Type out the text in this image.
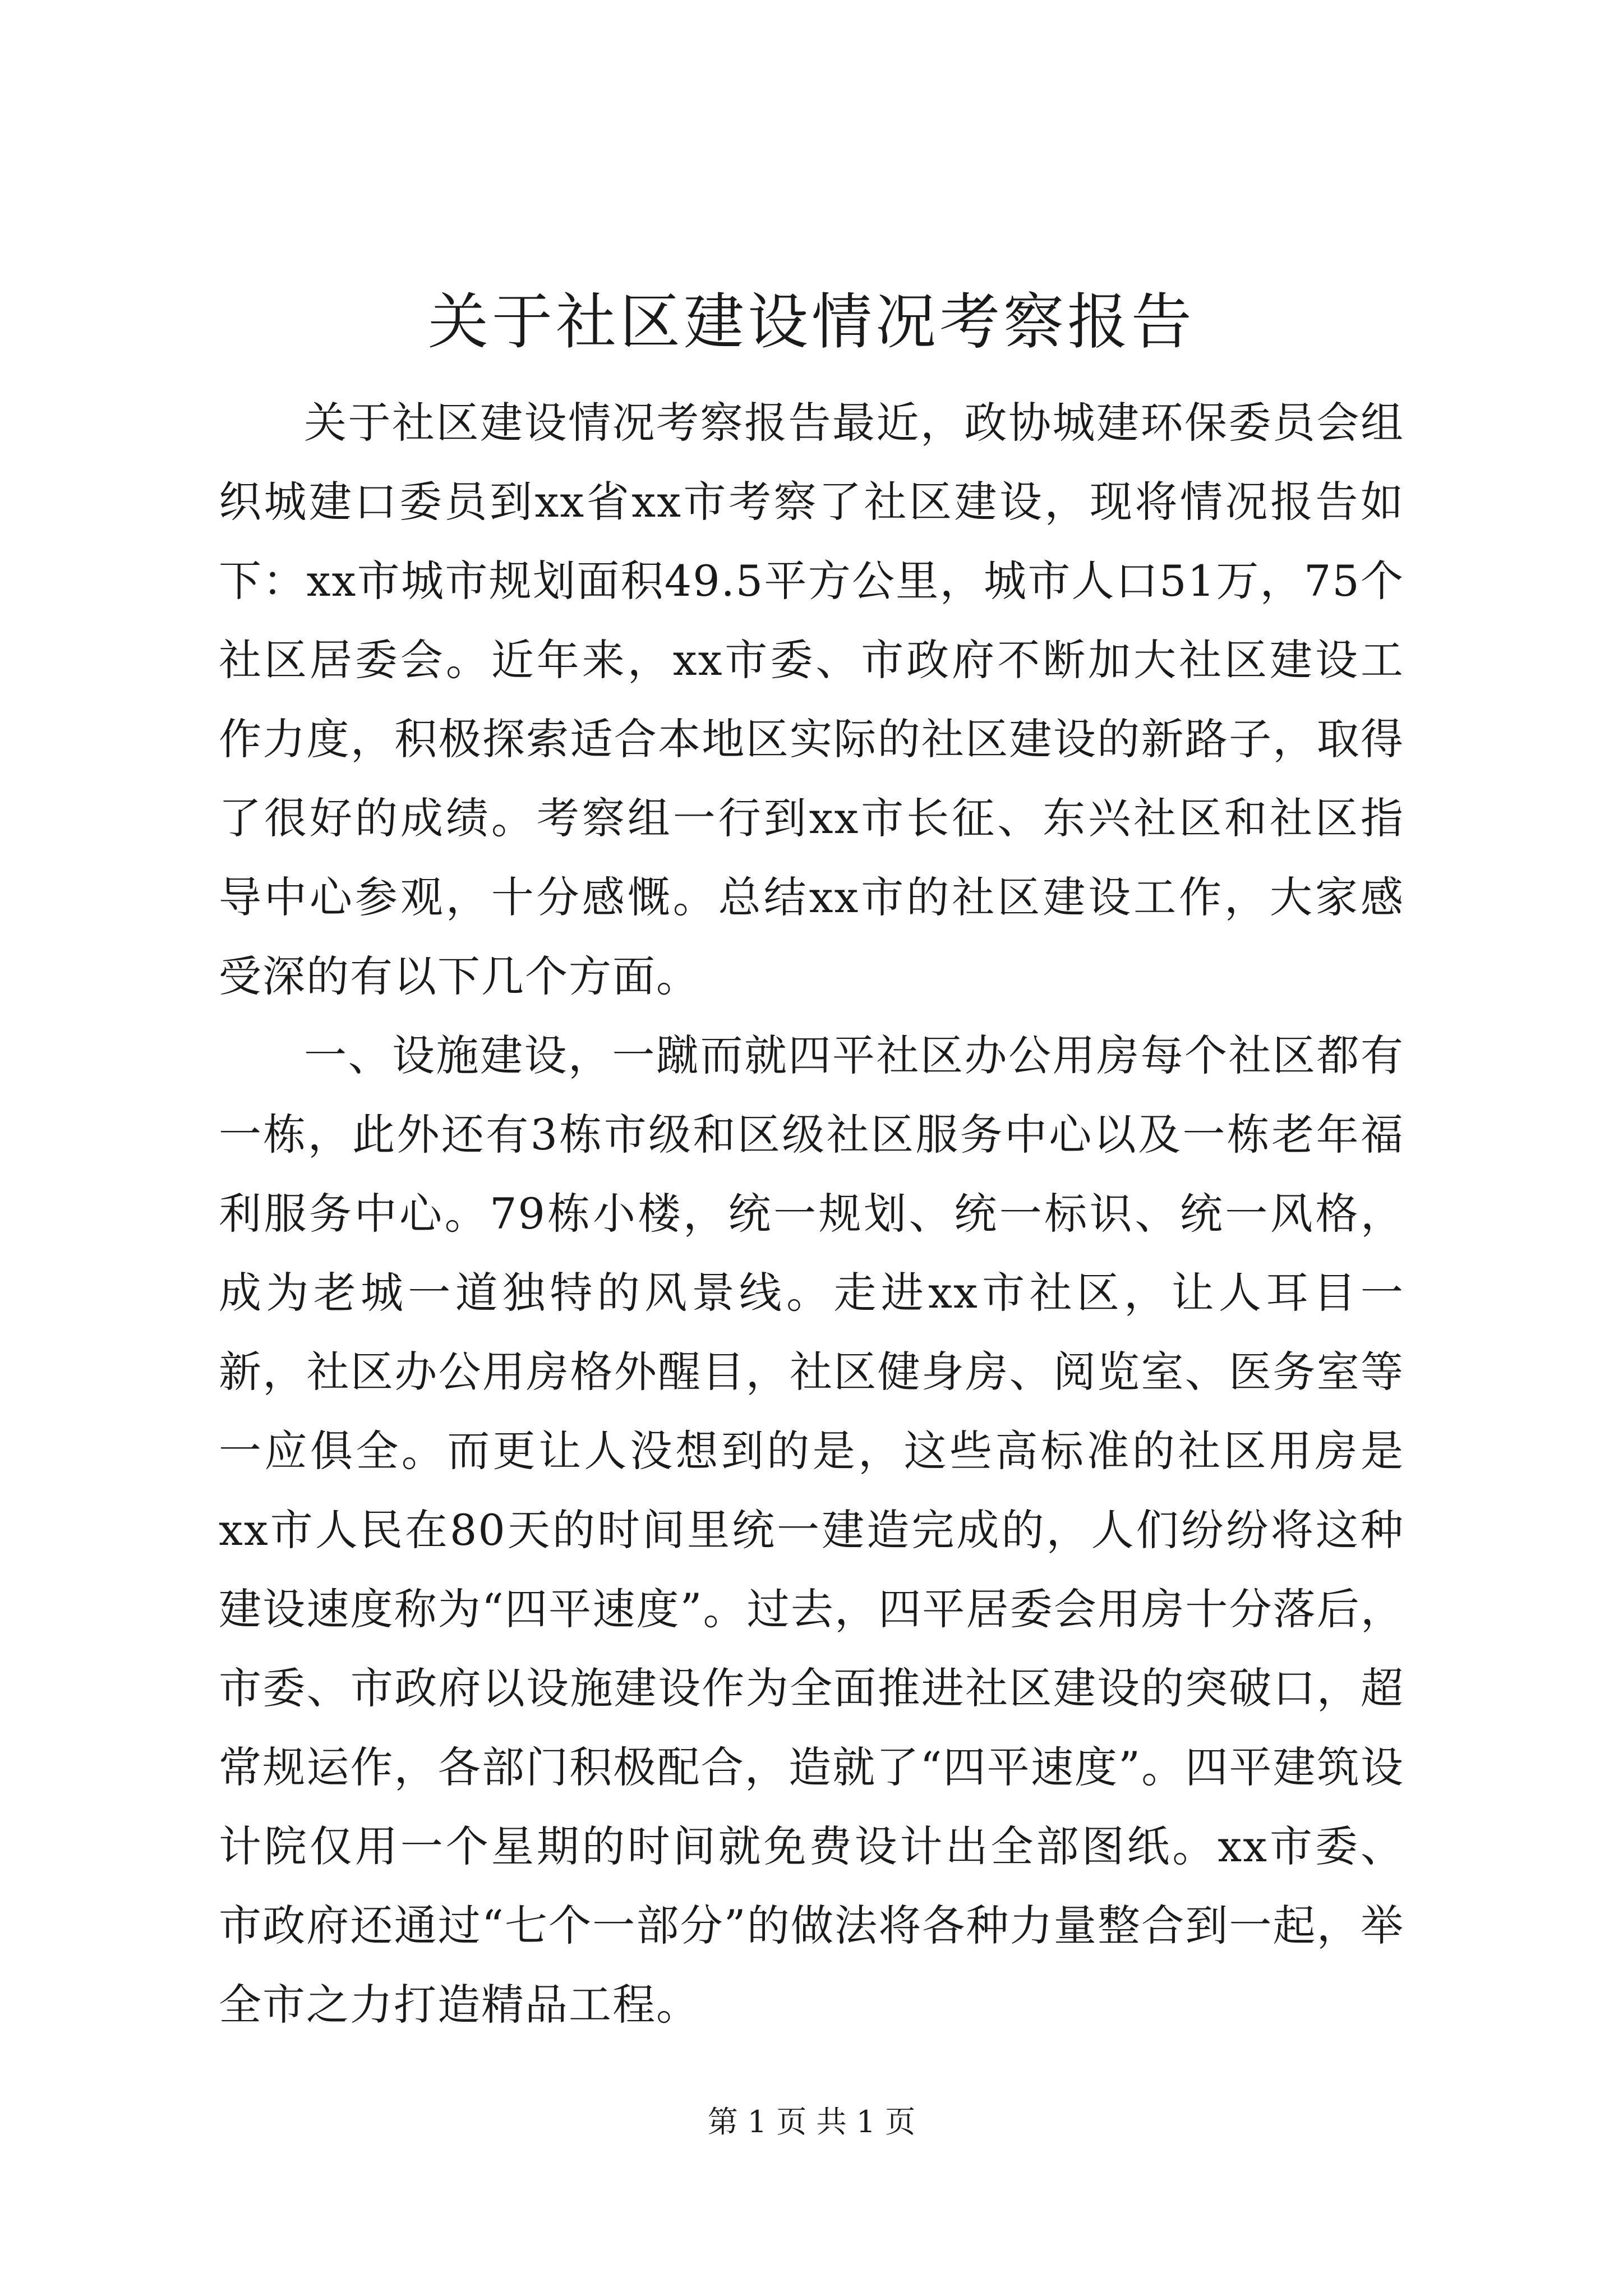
关于社区建设情况考察报告

关于社区建设情况考察报告最近，政协城建环保委员会组织城建口委员到xx省xx市考察了社区建设，现将情况报告如下：xx市城市规划面积49.5平方公里，城市人口51万，75个社区居委会。近年来，xx市委、市政府不断加大社区建设工作力度，积极探索适合本地区实际的社区建设的新路子，取得了很好的成绩。考察组一行到xx市长征、东兴社区和社区指导中心参观，十分感慨。总结xx市的社区建设工作，大家感受深的有以下几个方面。

一、设施建设，一蹴而就四平社区办公用房每个社区都有一栋，此外还有3栋市级和区级社区服务中心以及一栋老年福利服务中心。79栋小楼，统一规划、统一标识、统一风格，成为老城一道独特的风景线。走进xx市社区，让人耳目一新，社区办公用房格外醒目，社区健身房、阅览室、医务室等一应俱全。而更让人没想到的是，这些高标准的社区用房是xx市人民在80天的时间里统一建造完成的，人们纷纷将这种建设速度称为“四平速度”。过去，四平居委会用房十分落后，市委、市政府以设施建设作为全面推进社区建设的突破口，超常规运作，各部门积极配合，造就了“四平速度”。四平建筑设计院仅用一个星期的时间就免费设计出全部图纸。xx市委、市政府还通过“七个一部分”的做法将各种力量整合到一起，举全市之力打造精品工程。

第 1 页 共 1 页
